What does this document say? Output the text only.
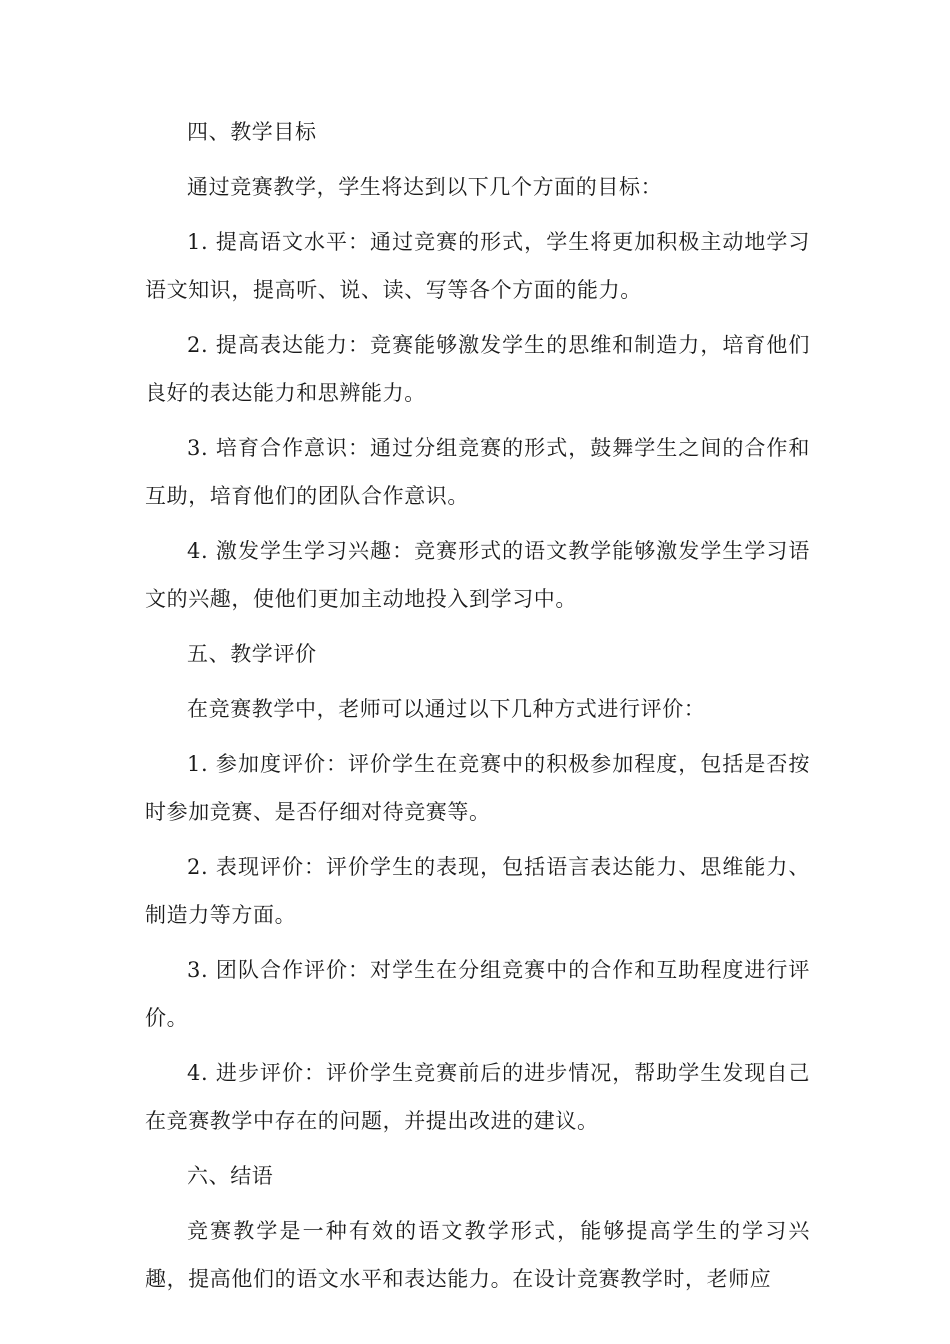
四、教学目标

通过竞赛教学，学生将达到以下几个方面的目标：

1. 提高语文水平：通过竞赛的形式，学生将更加积极主动地学习语文知识，提高听、说、读、写等各个方面的能力。

2. 提高表达能力：竞赛能够激发学生的思维和制造力，培育他们良好的表达能力和思辨能力。

3. 培育合作意识：通过分组竞赛的形式，鼓舞学生之间的合作和互助，培育他们的团队合作意识。

4. 激发学生学习兴趣：竞赛形式的语文教学能够激发学生学习语文的兴趣，使他们更加主动地投入到学习中。

五、教学评价

在竞赛教学中，老师可以通过以下几种方式进行评价：

1. 参加度评价：评价学生在竞赛中的积极参加程度，包括是否按时参加竞赛、是否仔细对待竞赛等。

2. 表现评价：评价学生的表现，包括语言表达能力、思维能力、制造力等方面。

3. 团队合作评价：对学生在分组竞赛中的合作和互助程度进行评价。

4. 进步评价：评价学生竞赛前后的进步情况，帮助学生发现自己在竞赛教学中存在的问题，并提出改进的建议。

六、结语

竞赛教学是一种有效的语文教学形式，能够提高学生的学习兴趣，提高他们的语文水平和表达能力。在设计竞赛教学时，老师应
